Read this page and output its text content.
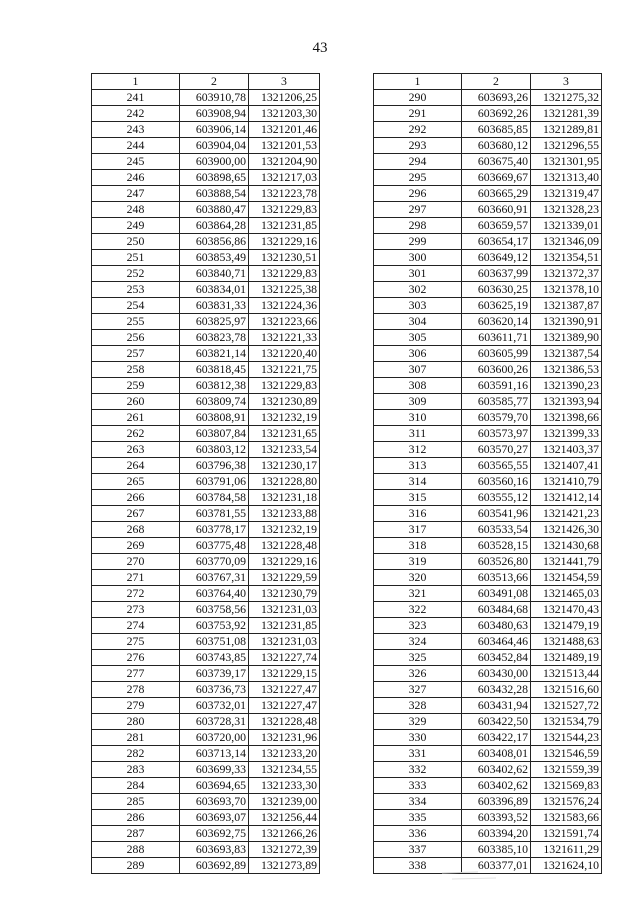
43
1	2	3
241	603910,78	1321206,25
242	603908,94	1321203,30
243	603906,14	1321201,46
244	603904,04	1321201,53
245	603900,00	1321204,90
246	603898,65	1321217,03
247	603888,54	1321223,78
248	603880,47	1321229,83
249	603864,28	1321231,85
250	603856,86	1321229,16
251	603853,49	1321230,51
252	603840,71	1321229,83
253	603834,01	1321225,38
254	603831,33	1321224,36
255	603825,97	1321223,66
256	603823,78	1321221,33
257	603821,14	1321220,40
258	603818,45	1321221,75
259	603812,38	1321229,83
260	603809,74	1321230,89
261	603808,91	1321232,19
262	603807,84	1321231,65
263	603803,12	1321233,54
264	603796,38	1321230,17
265	603791,06	1321228,80
266	603784,58	1321231,18
267	603781,55	1321233,88
268	603778,17	1321232,19
269	603775,48	1321228,48
270	603770,09	1321229,16
271	603767,31	1321229,59
272	603764,40	1321230,79
273	603758,56	1321231,03
274	603753,92	1321231,85
275	603751,08	1321231,03
276	603743,85	1321227,74
277	603739,17	1321229,15
278	603736,73	1321227,47
279	603732,01	1321227,47
280	603728,31	1321228,48
281	603720,00	1321231,96
282	603713,14	1321233,20
283	603699,33	1321234,55
284	603694,65	1321233,30
285	603693,70	1321239,00
286	603693,07	1321256,44
287	603692,75	1321266,26
288	603693,83	1321272,39
289	603692,89	1321273,89
1	2	3
290	603693,26	1321275,32
291	603692,26	1321281,39
292	603685,85	1321289,81
293	603680,12	1321296,55
294	603675,40	1321301,95
295	603669,67	1321313,40
296	603665,29	1321319,47
297	603660,91	1321328,23
298	603659,57	1321339,01
299	603654,17	1321346,09
300	603649,12	1321354,51
301	603637,99	1321372,37
302	603630,25	1321378,10
303	603625,19	1321387,87
304	603620,14	1321390,91
305	603611,71	1321389,90
306	603605,99	1321387,54
307	603600,26	1321386,53
308	603591,16	1321390,23
309	603585,77	1321393,94
310	603579,70	1321398,66
311	603573,97	1321399,33
312	603570,27	1321403,37
313	603565,55	1321407,41
314	603560,16	1321410,79
315	603555,12	1321412,14
316	603541,96	1321421,23
317	603533,54	1321426,30
318	603528,15	1321430,68
319	603526,80	1321441,79
320	603513,66	1321454,59
321	603491,08	1321465,03
322	603484,68	1321470,43
323	603480,63	1321479,19
324	603464,46	1321488,63
325	603452,84	1321489,19
326	603430,00	1321513,44
327	603432,28	1321516,60
328	603431,94	1321527,72
329	603422,50	1321534,79
330	603422,17	1321544,23
331	603408,01	1321546,59
332	603402,62	1321559,39
333	603402,62	1321569,83
334	603396,89	1321576,24
335	603393,52	1321583,66
336	603394,20	1321591,74
337	603385,10	1321611,29
338	603377,01	1321624,10
